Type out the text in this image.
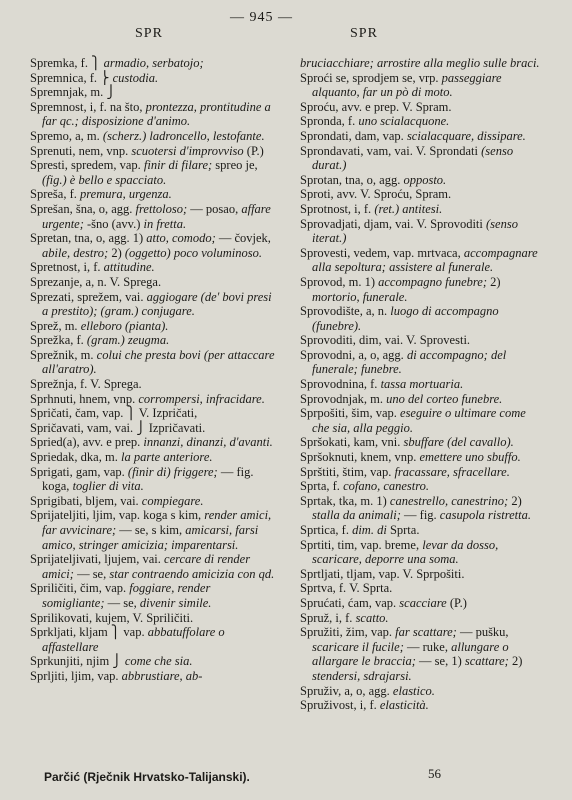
SPR
— 945 —
SPR

Spremka, f. ⎫ armadio, serbatojo;

Spremnica, f. ⎬ custodia.

Spremnjak, m. ⎭

Spremnost, i, f. na što, prontezza, prontitudine a far qc.; disposizione d'animo.

Spremo, a, m. (scherz.) ladroncello, lestofante.

Sprenuti, nem, vnp. scuotersi d'improvviso (P.)

Spresti, spredem, vap. finir di filare; spreo je, (fig.) è bello e spacciato.

Spreša, f. premura, urgenza.

Sprešan, šna, o, agg. frettoloso; — posao, affare urgente; -šno (avv.) in fretta.

Spretan, tna, o, agg. 1) atto, comodo; — čovjek, abile, destro; 2) (oggetto) poco voluminoso.

Spretnost, i, f. attitudine.

Sprezanje, a, n. V. Sprega.

Sprezati, sprežem, vai. aggiogare (de' bovi presi a prestito); (gram.) conjugare.

Sprež, m. elleboro (pianta).

Sprežka, f. (gram.) zeugma.

Sprežnik, m. colui che presta bovi (per attaccare all'aratro).

Sprežnja, f. V. Sprega.

Sprhnuti, hnem, vnp. corrompersi, infracidare.

Spričati, čam, vap. ⎫ V. Izpričati,

Spričavati, vam, vai. ⎭ Izpričavati.

Spried(a), avv. e prep. innanzi, dinanzi, d'avanti.

Spriedak, dka, m. la parte anteriore.

Sprigati, gam, vap. (finir di) friggere; — fig. koga, toglier di vita.

Sprigibati, bljem, vai. compiegare.

Sprijateljiti, ljim, vap. koga s kim, render amici, far avvicinare; — se, s kim, amicarsi, farsi amico, stringer amicizia; imparentarsi.

Sprijateljivati, ljujem, vai. cercare di render amici; — se, star contraendo amicizia con qd.

Spriličiti, čim, vap. foggiare, render somigliante; — se, divenir simile.

Sprilikovati, kujem, V. Spriličiti.

Sprkljati, kljam ⎫ vap. abbatuffolare o affastellare

Sprkunjiti, njim ⎭ come che sia.

Sprljiti, ljim, vap. abbrustiare, ab-

bruciacchiare; arrostire alla meglio sulle braci.

Sproći se, sprodjem se, vrp. passeggiare alquanto, far un pò di moto.

Sproću, avv. e prep. V. Spram.

Spronda, f. uno scialacquone.

Sprondati, dam, vap. scialacquare, dissipare.

Sprondavati, vam, vai. V. Sprondati (senso durat.)

Sprotan, tna, o, agg. opposto.

Sproti, avv. V. Sproću, Spram.

Sprotnost, i, f. (ret.) antitesi.

Sprovadjati, djam, vai. V. Sprovoditi (senso iterat.)

Sprovesti, vedem, vap. mrtvaca, accompagnare alla sepoltura; assistere al funerale.

Sprovod, m. 1) accompagno funebre; 2) mortorio, funerale.

Sprovodište, a, n. luogo di accompagno (funebre).

Sprovoditi, dim, vai. V. Sprovesti.

Sprovodni, a, o, agg. di accompagno; del funerale; funebre.

Sprovodnina, f. tassa mortuaria.

Sprovodnjak, m. uno del corteo funebre.

Sprpošiti, šim, vap. eseguire o ultimare come che sia, alla peggio.

Spršokati, kam, vni. sbuffare (del cavallo).

Spršoknuti, knem, vnp. emettere uno sbuffo.

Sprštiti, štim, vap. fracassare, sfracellare.

Sprta, f. cofano, canestro.

Sprtak, tka, m. 1) canestrello, canestrino; 2) stalla da animali; — fig. casupola ristretta.

Sprtica, f. dim. di Sprta.

Sprtiti, tim, vap. breme, levar da dosso, scaricare, deporre una soma.

Sprtljati, tljam, vap. V. Sprpošiti.

Sprtva, f. V. Sprta.

Sprućati, ćam, vap. scacciare (P.)

Spruž, i, f. scatto.

Spružiti, žim, vap. far scattare; — pušku, scaricare il fucile; — ruke, allungare o allargare le braccia; — se, 1) scattare; 2) stendersi, sdrajarsi.

Spruživ, a, o, agg. elastico.

Spruživost, i, f. elasticità.

Parčić (Rječnik Hrvatsko-Talijanski).	56
